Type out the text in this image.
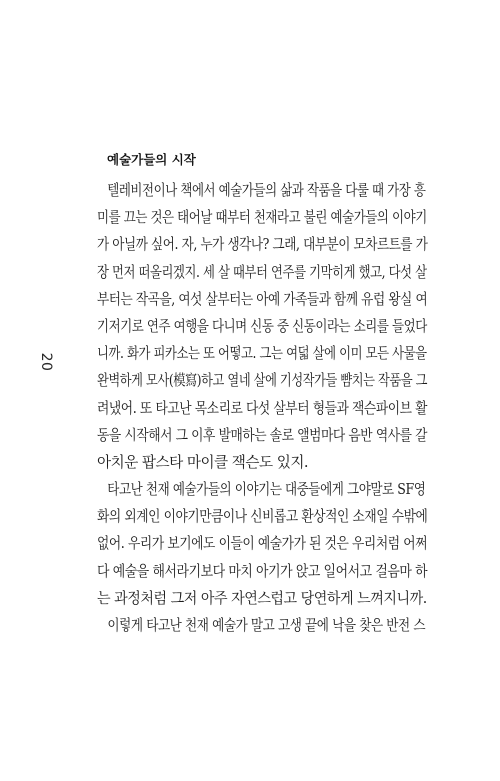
20
예술가들의 시작
텔레비전이나 책에서 예술가들의 삶과 작품을 다룰 때 가장 흥
미를 끄는 것은 태어날 때부터 천재라고 불린 예술가들의 이야기
가 아닐까 싶어. 자, 누가 생각나? 그래, 대부분이 모차르트를 가
장 먼저 떠올리겠지. 세 살 때부터 연주를 기막히게 했고, 다섯 살
부터는 작곡을, 여섯 살부터는 아예 가족들과 함께 유럽 왕실 여
기저기로 연주 여행을 다니며 신동 중 신동이라는 소리를 들었다
니까. 화가 피카소는 또 어떻고. 그는 여덟 살에 이미 모든 사물을
완벽하게 모사(模寫)하고 열네 살에 기성작가들 뺨치는 작품을 그
려냈어. 또 타고난 목소리로 다섯 살부터 형들과 잭슨파이브 활
동을 시작해서 그 이후 발매하는 솔로 앨범마다 음반 역사를 갈
아치운 팝스타 마이클 잭슨도 있지.
타고난 천재 예술가들의 이야기는 대중들에게 그야말로 SF영
화의 외계인 이야기만큼이나 신비롭고 환상적인 소재일 수밖에
없어. 우리가 보기에도 이들이 예술가가 된 것은 우리처럼 어쩌
다 예술을 해서라기보다 마치 아기가 앉고 일어서고 걸음마 하
는 과정처럼 그저 아주 자연스럽고 당연하게 느껴지니까.
이렇게 타고난 천재 예술가 말고 고생 끝에 낙을 찾은 반전 스
